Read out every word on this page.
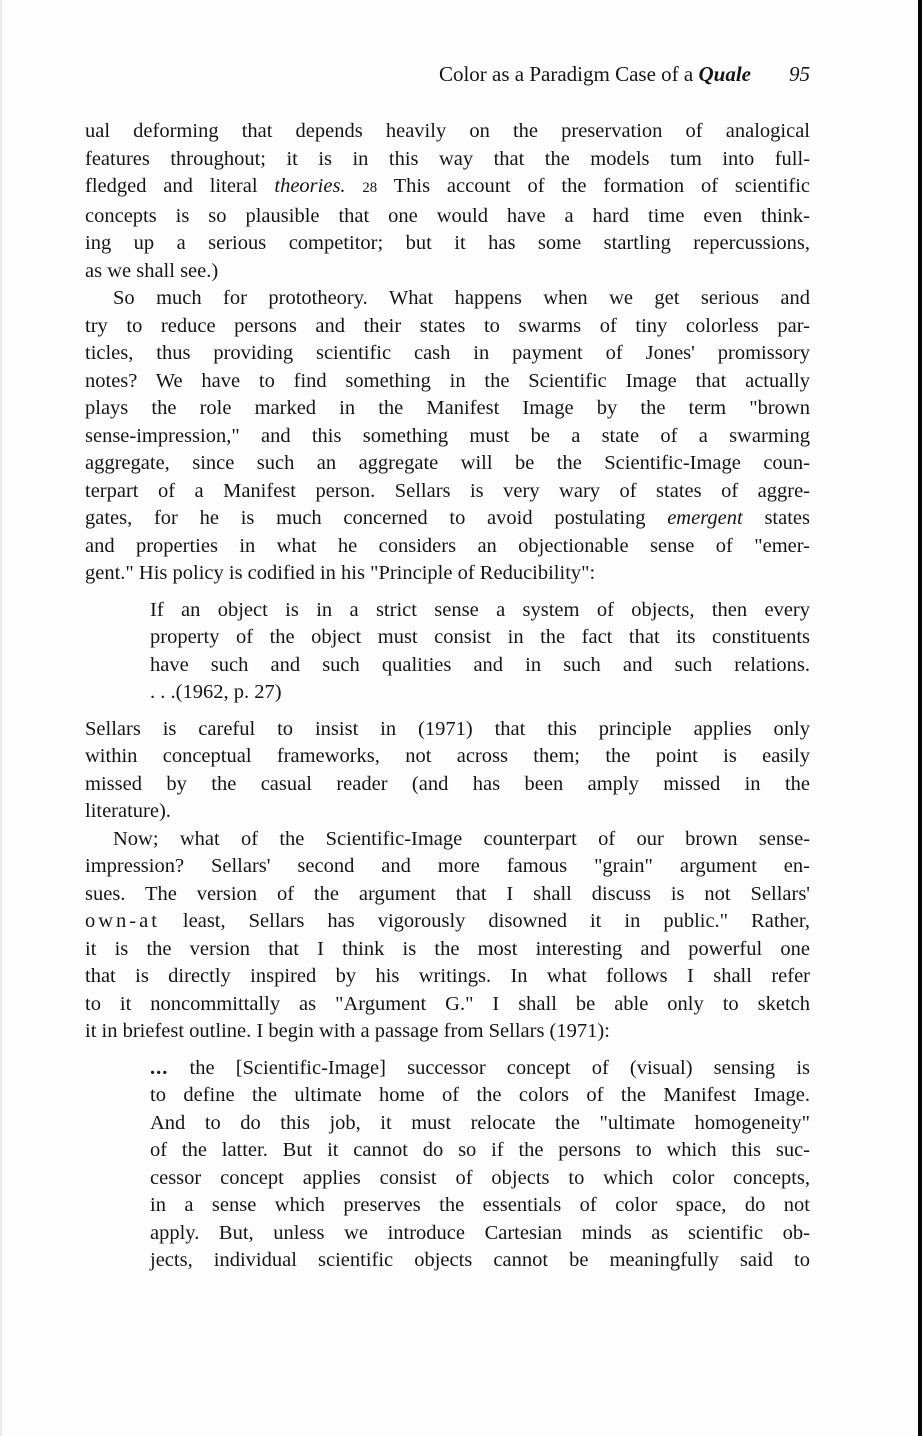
Color as a Paradigm Case of a Quale 95
ual deforming that depends heavily on the preservation of analogical
features throughout; it is in this way that the models tum into full-
fledged and literal theories. 28 This account of the formation of scientific
concepts is so plausible that one would have a hard time even think-
ing up a serious competitor; but it has some startling repercussions,
as we shall see.)
So much for prototheory. What happens when we get serious and
try to reduce persons and their states to swarms of tiny colorless par-
ticles, thus providing scientific cash in payment of Jones' promissory
notes? We have to find something in the Scientific Image that actually
plays the role marked in the Manifest Image by the term "brown
sense-impression," and this something must be a state of a swarming
aggregate, since such an aggregate will be the Scientific-Image coun-
terpart of a Manifest person. Sellars is very wary of states of aggre-
gates, for he is much concerned to avoid postulating emergent states
and properties in what he considers an objectionable sense of "emer-
gent." His policy is codified in his "Principle of Reducibility":
If an object is in a strict sense a system of objects, then every
property of the object must consist in the fact that its constituents
have such and such qualities and in such and such relations.
. . .(1962, p. 27)
Sellars is careful to insist in (1971) that this principle applies only
within conceptual frameworks, not across them; the point is easily
missed by the casual reader (and has been amply missed in the
literature).
Now; what of the Scientific-Image counterpart of our brown sense-
impression? Sellars' second and more famous "grain" argument en-
sues. The version of the argument that I shall discuss is not Sellars'
own-at least, Sellars has vigorously disowned it in public." Rather,
it is the version that I think is the most interesting and powerful one
that is directly inspired by his writings. In what follows I shall refer
to it noncommittally as "Argument G." I shall be able only to sketch
it in briefest outline. I begin with a passage from Sellars (1971):
... the [Scientific-Image] successor concept of (visual) sensing is
to define the ultimate home of the colors of the Manifest Image.
And to do this job, it must relocate the "ultimate homogeneity"
of the latter. But it cannot do so if the persons to which this suc-
cessor concept applies consist of objects to which color concepts,
in a sense which preserves the essentials of color space, do not
apply. But, unless we introduce Cartesian minds as scientific ob-
jects, individual scientific objects cannot be meaningfully said to
